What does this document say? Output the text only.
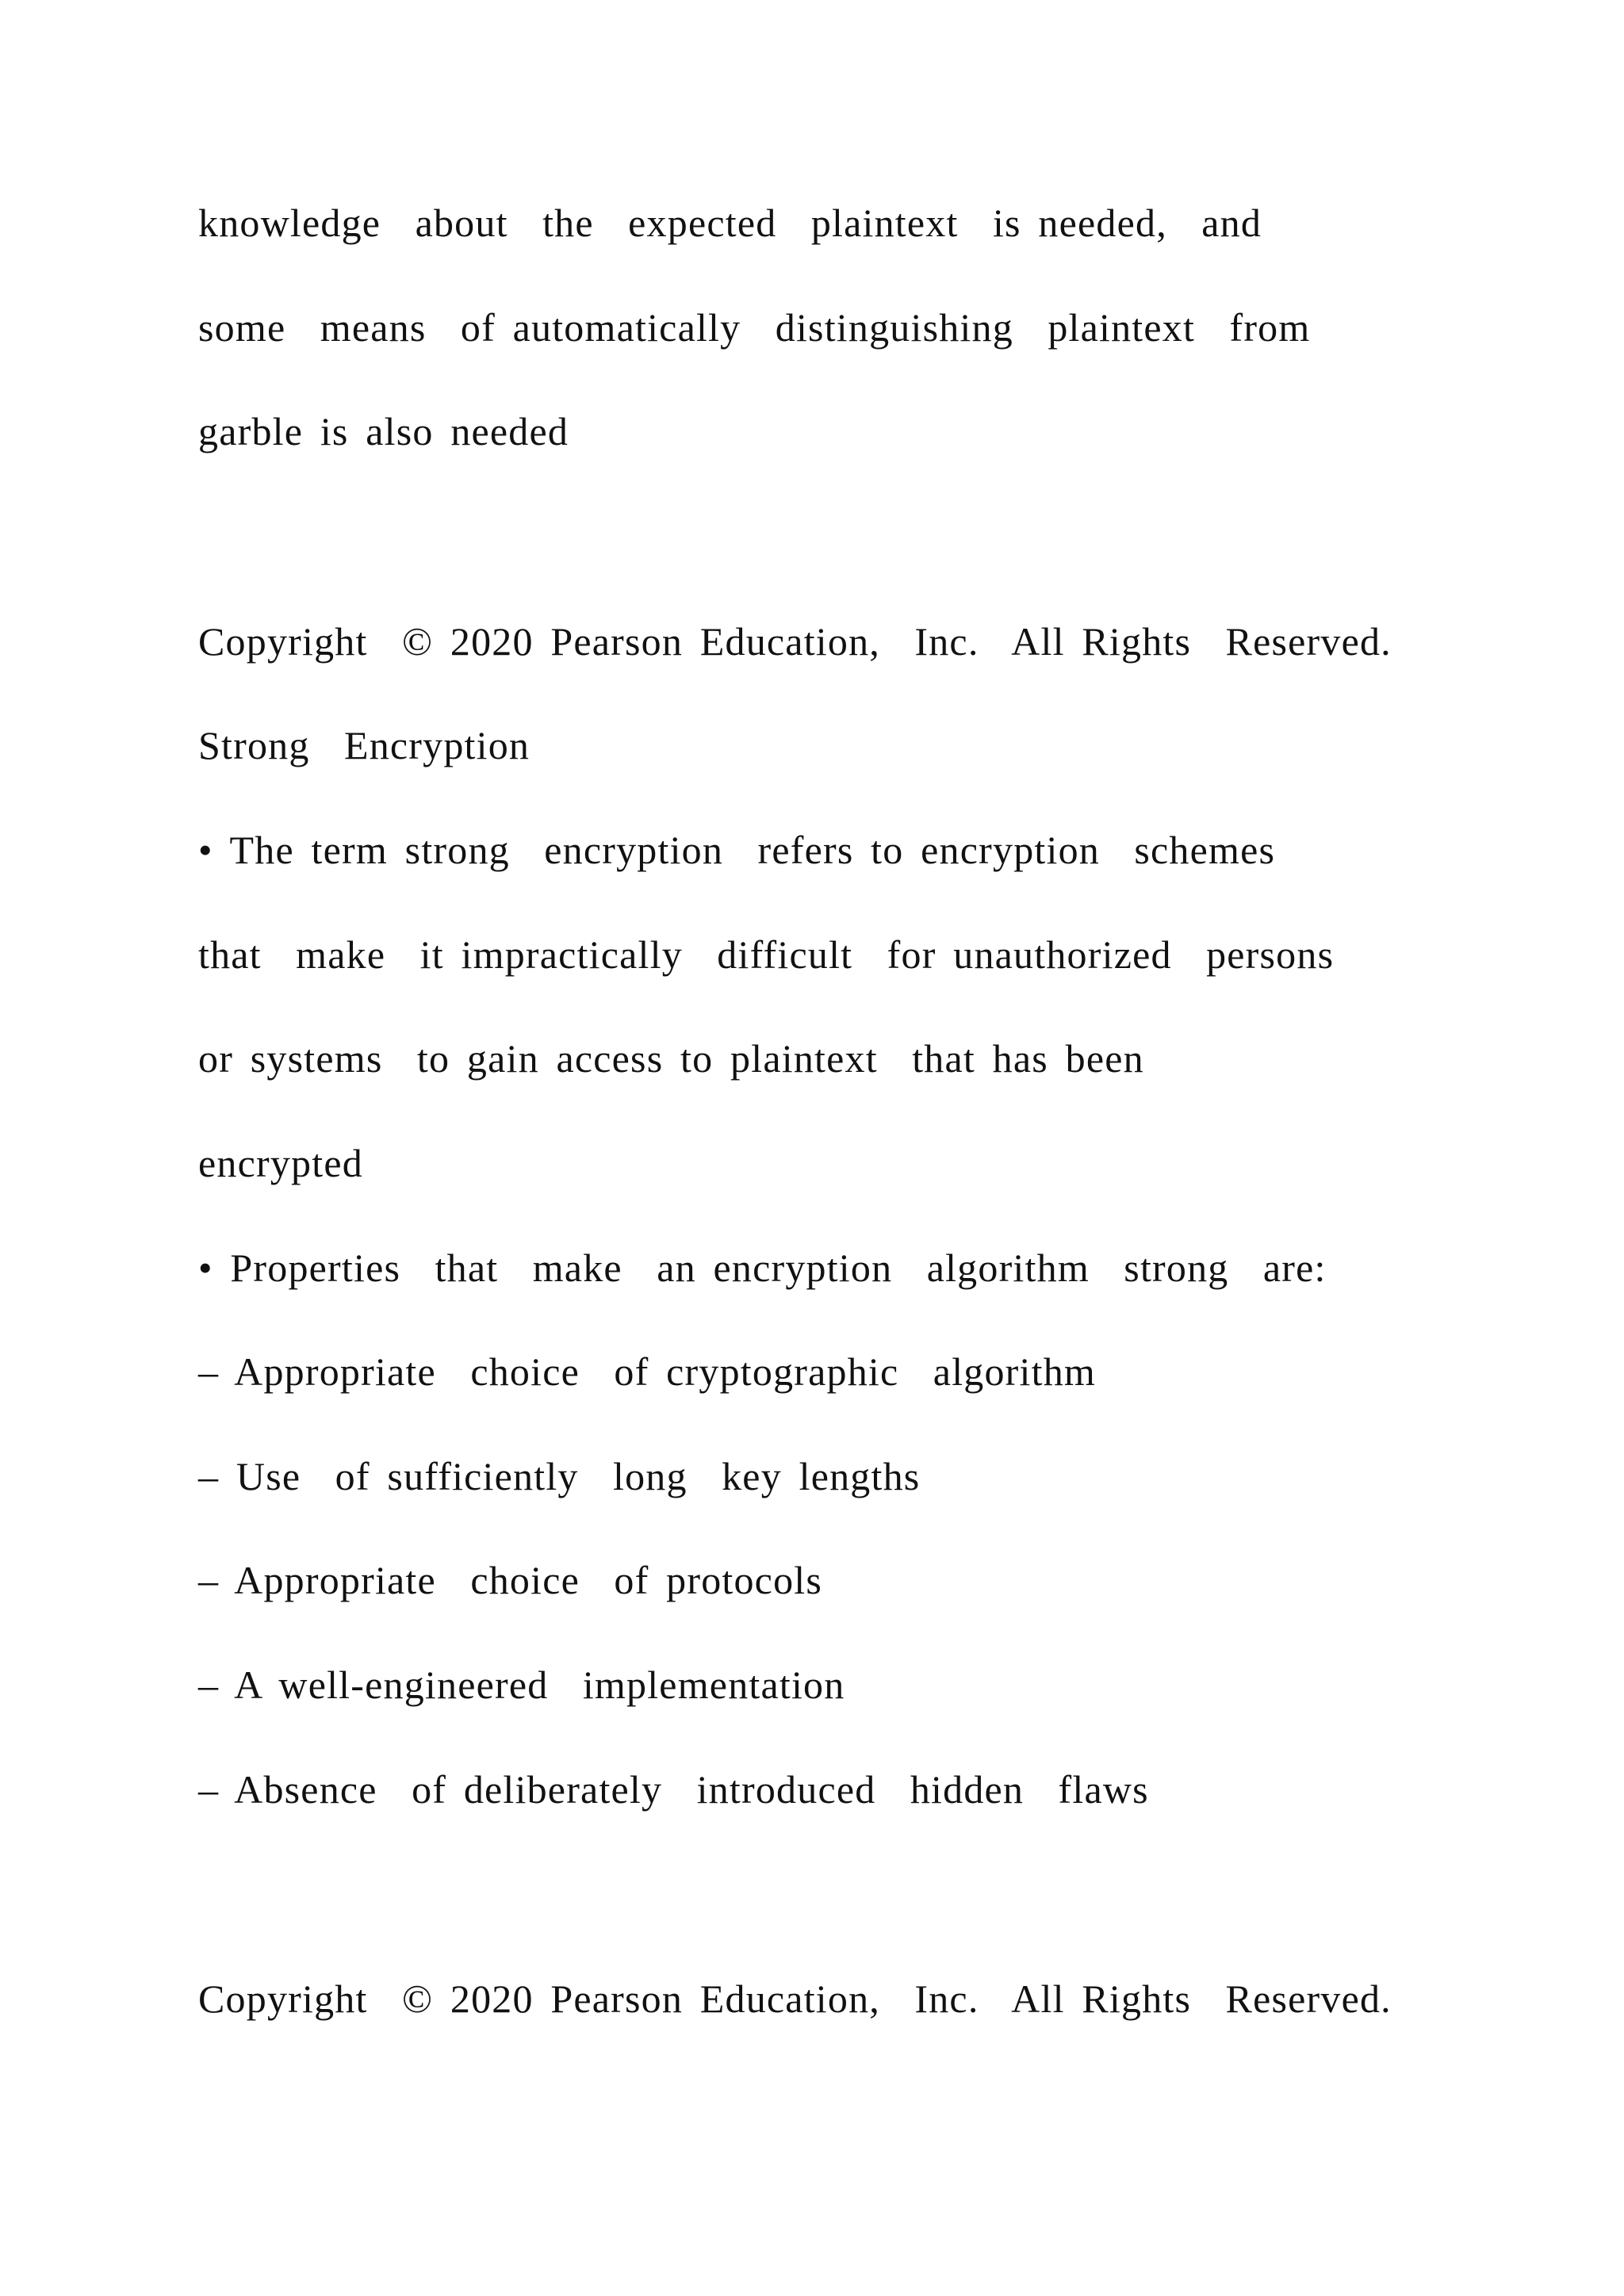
knowledge  about  the  expected  plaintext  is needed,  and
some  means  of automatically  distinguishing  plaintext  from
garble is also needed
Copyright  © 2020 Pearson Education,  Inc.  All Rights  Reserved.
Strong  Encryption
• The term strong  encryption  refers to encryption  schemes
that  make  it impractically  difficult  for unauthorized  persons
or systems  to gain access to plaintext  that has been
encrypted
• Properties  that  make  an encryption  algorithm  strong  are:
– Appropriate  choice  of cryptographic  algorithm
– Use  of sufficiently  long  key lengths
– Appropriate  choice  of protocols
– A well-engineered  implementation
– Absence  of deliberately  introduced  hidden  flaws
Copyright  © 2020 Pearson Education,  Inc.  All Rights  Reserved.
